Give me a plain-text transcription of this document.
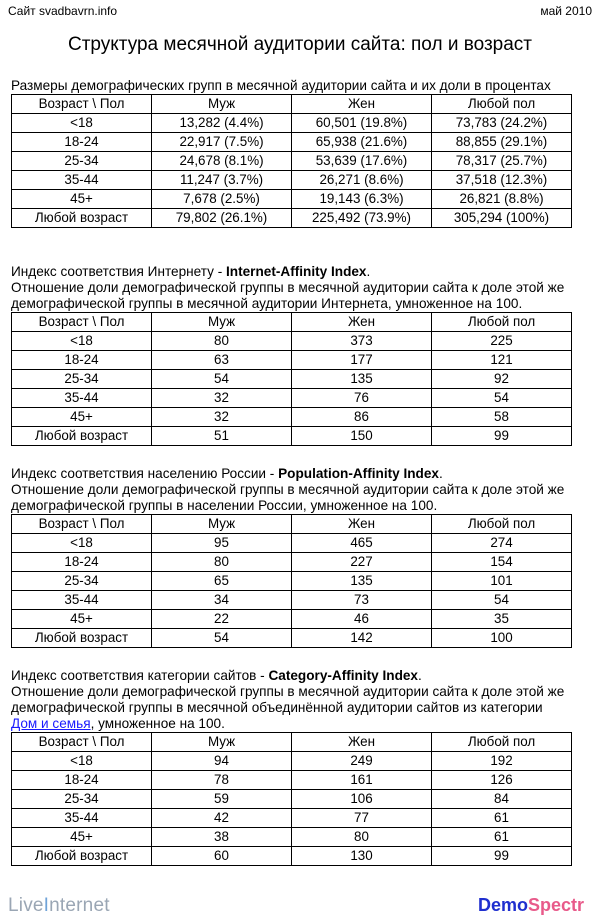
Сайт svadbavrn.info	май 2010
Структура месячной аудитории сайта: пол и возраст
Размеры демографических групп в месячной аудитории сайта и их доли в процентах
Возраст \ Пол	Муж	Жен	Любой пол
<18	13,282 (4.4%)	60,501 (19.8%)	73,783 (24.2%)
18-24	22,917 (7.5%)	65,938 (21.6%)	88,855 (29.1%)
25-34	24,678 (8.1%)	53,639 (17.6%)	78,317 (25.7%)
35-44	11,247 (3.7%)	26,271 (8.6%)	37,518 (12.3%)
45+	7,678 (2.5%)	19,143 (6.3%)	26,821 (8.8%)
Любой возраст	79,802 (26.1%)	225,492 (73.9%)	305,294 (100%)
Индекс соответствия Интернету - Internet-Affinity Index.
Отношение доли демографической группы в месячной аудитории сайта к доле этой же демографической группы в месячной аудитории Интернета, умноженное на 100.
Возраст \ Пол	Муж	Жен	Любой пол
<18	80	373	225
18-24	63	177	121
25-34	54	135	92
35-44	32	76	54
45+	32	86	58
Любой возраст	51	150	99
Индекс соответствия населению России - Population-Affinity Index.
Отношение доли демографической группы в месячной аудитории сайта к доле этой же демографической группы в населении России, умноженное на 100.
Возраст \ Пол	Муж	Жен	Любой пол
<18	95	465	274
18-24	80	227	154
25-34	65	135	101
35-44	34	73	54
45+	22	46	35
Любой возраст	54	142	100
Индекс соответствия категории сайтов - Category-Affinity Index.
Отношение доли демографической группы в месячной аудитории сайта к доле этой же демографической группы в месячной объединённой аудитории сайтов из категории Дом и семья, умноженное на 100.
Возраст \ Пол	Муж	Жен	Любой пол
<18	94	249	192
18-24	78	161	126
25-34	59	106	84
35-44	42	77	61
45+	38	80	61
Любой возраст	60	130	99
LiveInternet	DemoSpectr
